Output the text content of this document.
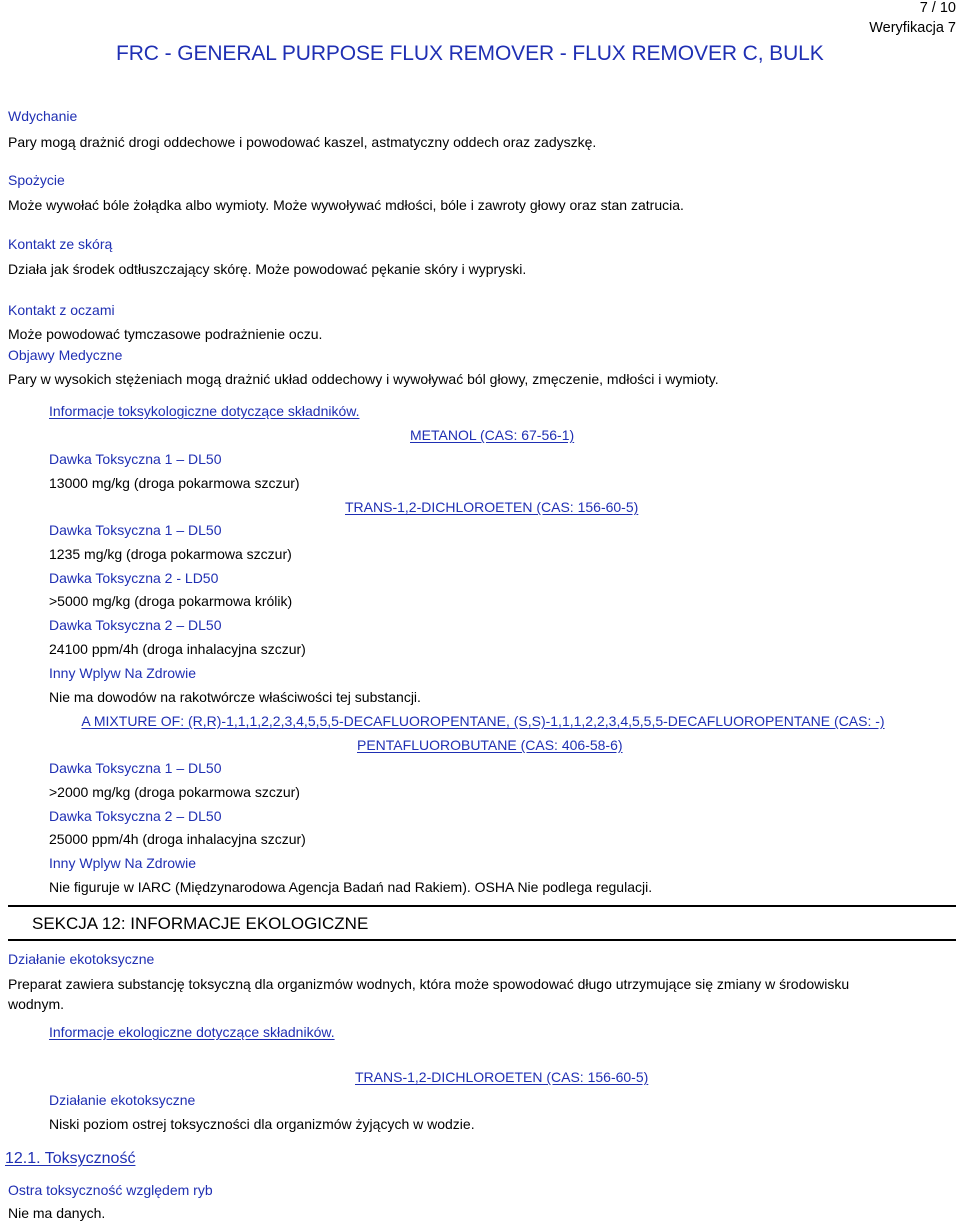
7 / 10
Weryfikacja 7
FRC - GENERAL PURPOSE FLUX REMOVER - FLUX REMOVER C, BULK
Wdychanie
Pary mogą drażnić drogi oddechowe i powodować kaszel, astmatyczny oddech oraz zadyszkę.
Spożycie
Może wywołać bóle żołądka albo wymioty. Może wywoływać mdłości, bóle i zawroty głowy oraz stan zatrucia.
Kontakt ze skórą
Działa jak środek odtłuszczający skórę. Może powodować pękanie skóry i wypryski.
Kontakt z oczami
Może powodować tymczasowe podrażnienie oczu.
Objawy Medyczne
Pary w wysokich stężeniach mogą drażnić układ oddechowy i wywoływać ból głowy, zmęczenie, mdłości i wymioty.
Informacje toksykologiczne dotyczące składników.
METANOL (CAS: 67-56-1)
Dawka Toksyczna 1 – DL50
13000 mg/kg (droga pokarmowa szczur)
TRANS-1,2-DICHLOROETEN (CAS: 156-60-5)
Dawka Toksyczna 1 – DL50
1235 mg/kg (droga pokarmowa szczur)
Dawka Toksyczna 2 - LD50
>5000 mg/kg (droga pokarmowa królik)
Dawka Toksyczna 2 – DL50
24100 ppm/4h (droga inhalacyjna szczur)
Inny Wplyw Na Zdrowie
Nie ma dowodów na rakotwórcze właściwości tej substancji.
A MIXTURE OF: (R,R)-1,1,1,2,2,3,4,5,5,5-DECAFLUOROPENTANE, (S,S)-1,1,1,2,2,3,4,5,5,5-DECAFLUOROPENTANE (CAS: -)
PENTAFLUOROBUTANE (CAS: 406-58-6)
Dawka Toksyczna 1 – DL50
>2000 mg/kg (droga pokarmowa szczur)
Dawka Toksyczna 2 – DL50
25000 ppm/4h (droga inhalacyjna szczur)
Inny Wplyw Na Zdrowie
Nie figuruje w IARC (Międzynarodowa Agencja Badań nad Rakiem). OSHA Nie podlega regulacji.
SEKCJA 12: INFORMACJE EKOLOGICZNE
Działanie ekotoksyczne
Preparat zawiera substancję toksyczną dla organizmów wodnych, która może spowodować długo utrzymujące się zmiany w środowisku wodnym.
Informacje ekologiczne dotyczące składników.
TRANS-1,2-DICHLOROETEN (CAS: 156-60-5)
Działanie ekotoksyczne
Niski poziom ostrej toksyczności dla organizmów żyjących w wodzie.
12.1. Toksyczność
Ostra toksyczność względem ryb
Nie ma danych.
